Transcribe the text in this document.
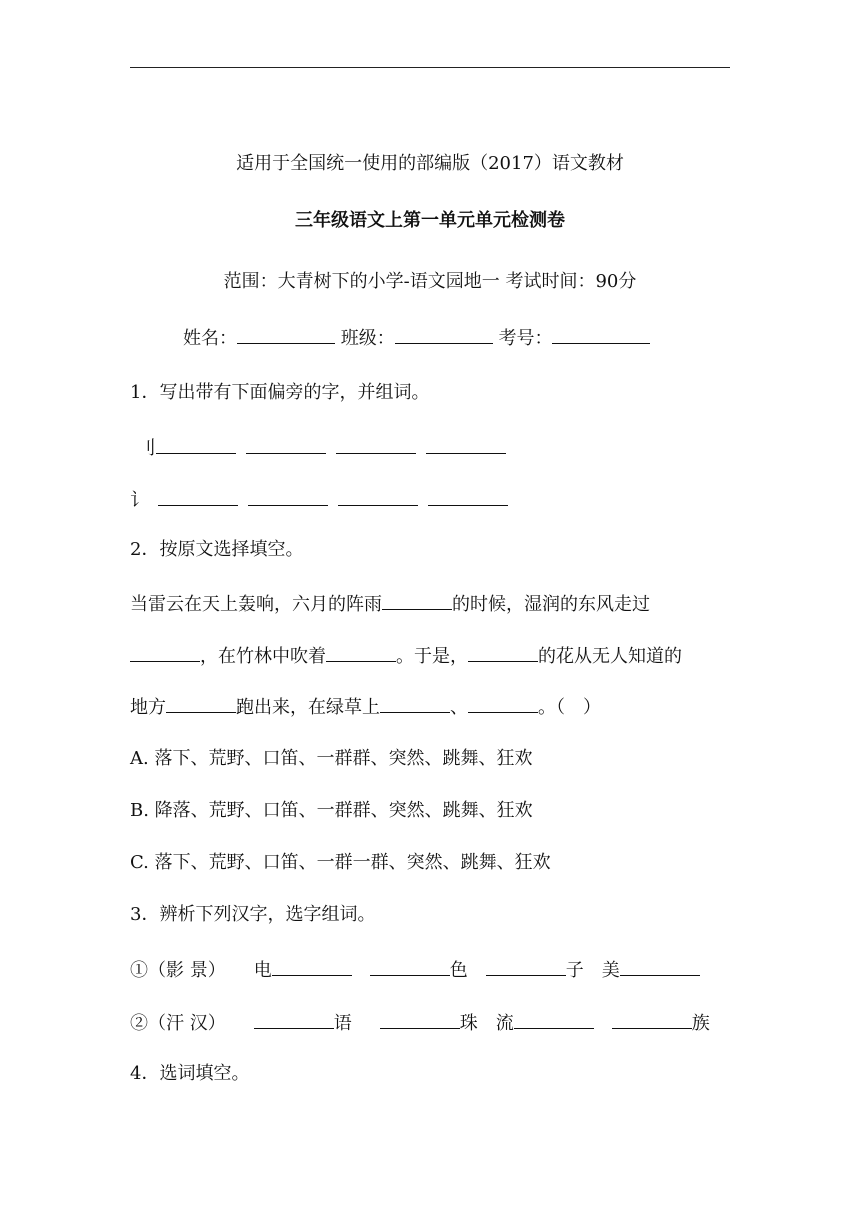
适用于全国统一使用的部编版（2017）语文教材
三年级语文上第一单元单元检测卷
范围：大青树下的小学-语文园地一 考试时间：90分
姓名：	班级：	考号：
1．写出带有下面偏旁的字，并组词。
刂
讠
2．按原文选择填空。
当雷云在天上轰响，六月的阵雨	的时候，湿润的东风走过
，在竹林中吹着	。于是，	的花从无人知道的
地方	跑出来，在绿草上	、	。（　）
A. 落下、荒野、口笛、一群群、突然、跳舞、狂欢
B. 降落、荒野、口笛、一群群、突然、跳舞、狂欢
C. 落下、荒野、口笛、一群一群、突然、跳舞、狂欢
3．辨析下列汉字，选字组词。
①（影 景） 电	色	子 美
②（汗 汉）	语	珠 流	族
4．选词填空。
